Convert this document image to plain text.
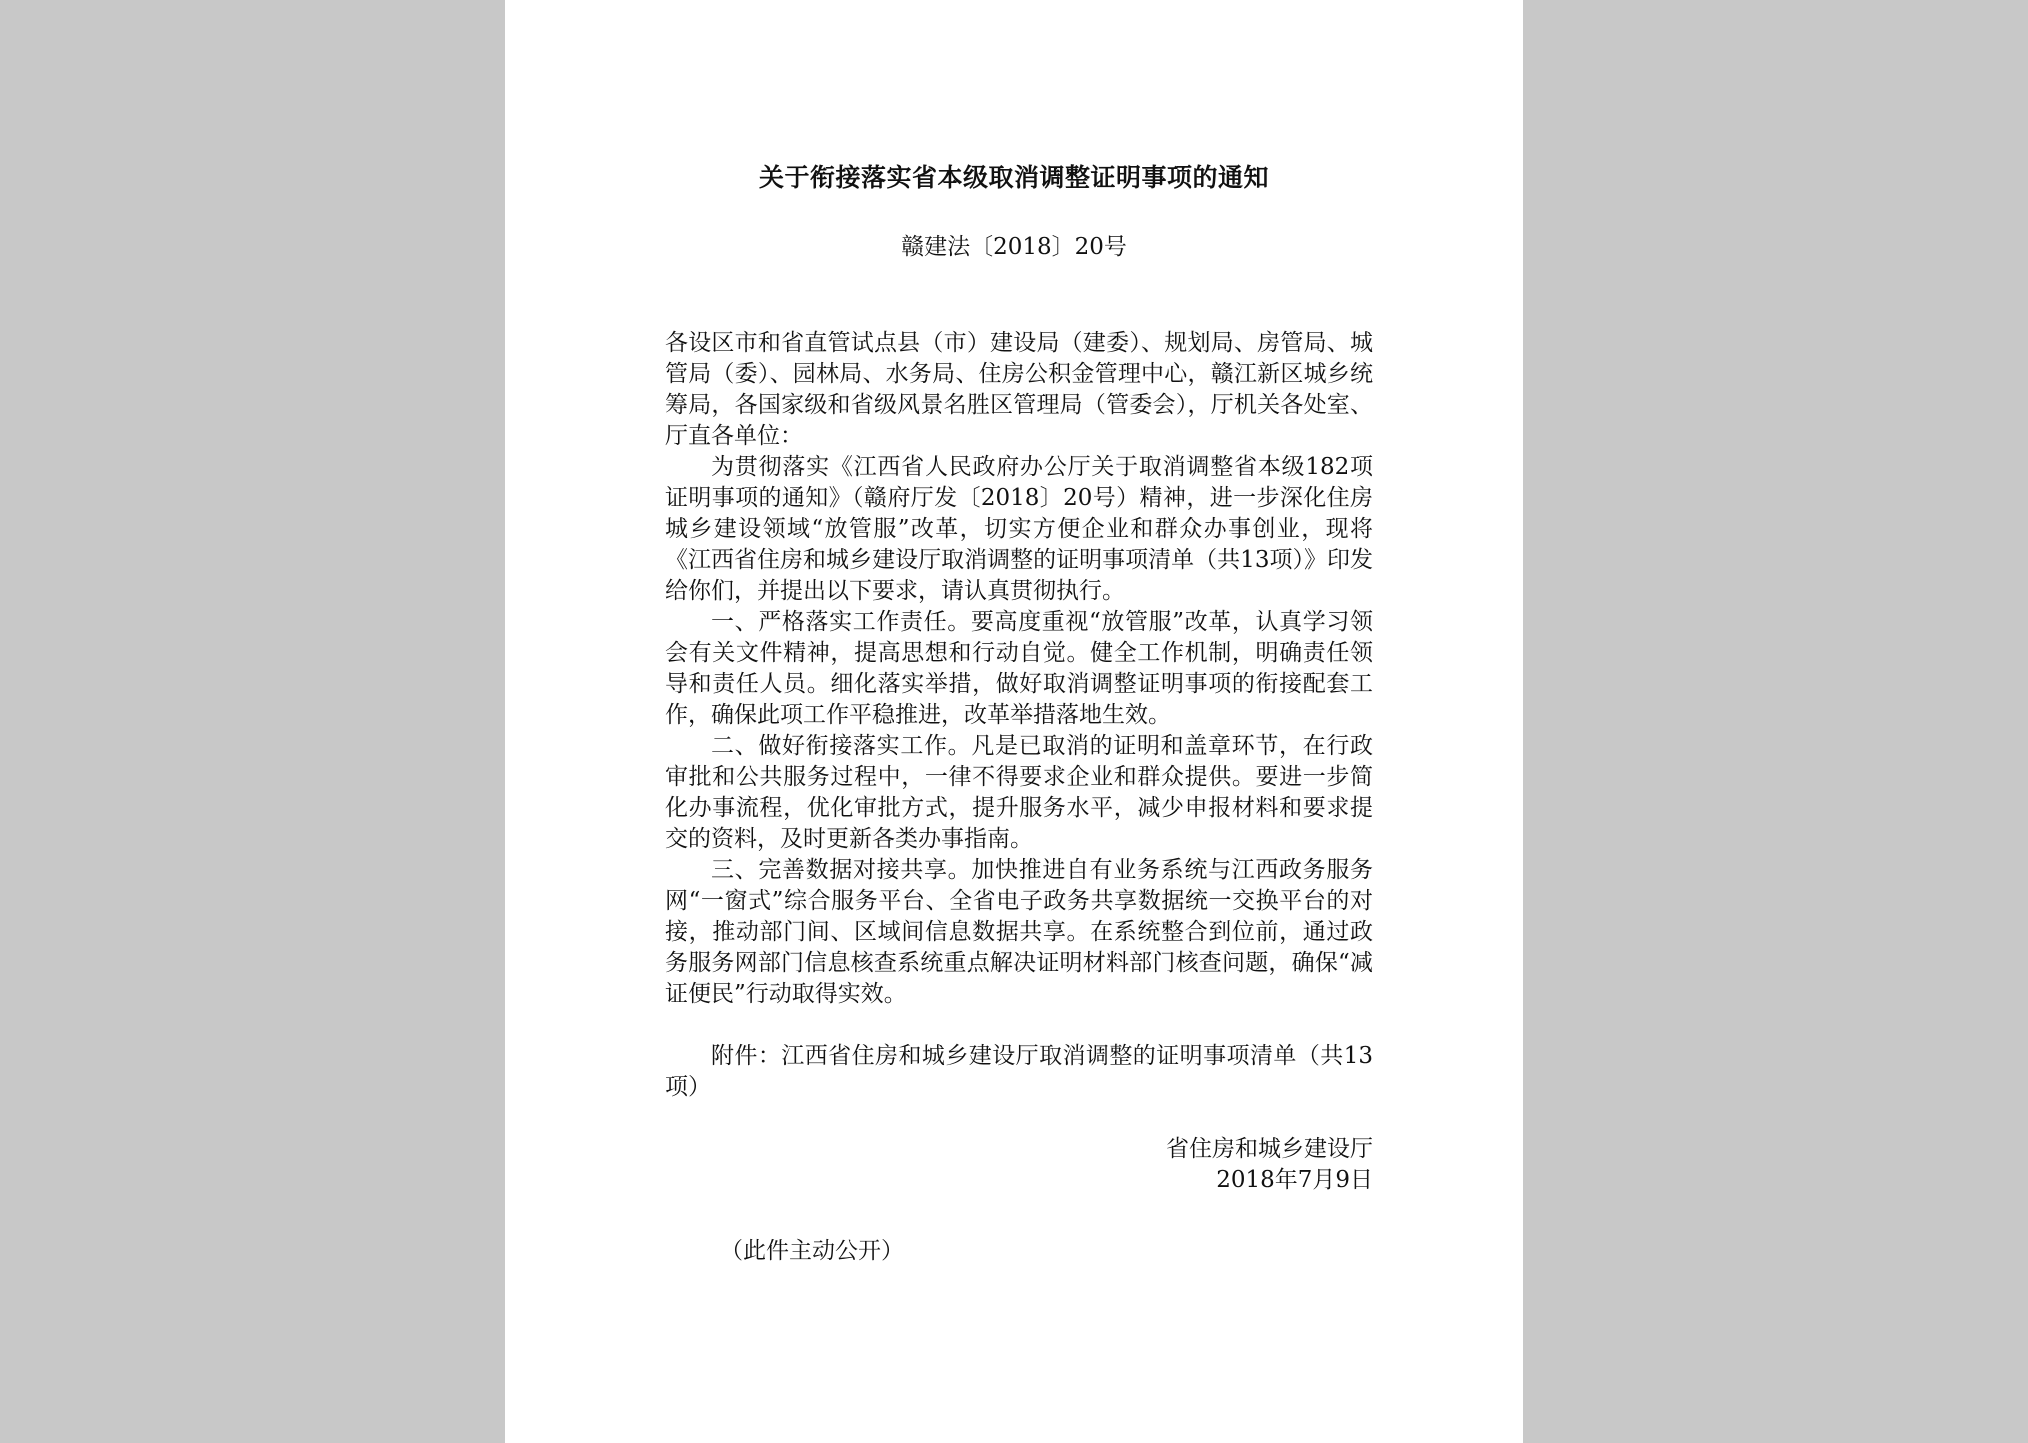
关于衔接落实省本级取消调整证明事项的通知
赣建法〔2018〕20号

各设区市和省直管试点县（市）建设局（建委）、规划局、房管局、城管局（委）、园林局、水务局、住房公积金管理中心，赣江新区城乡统筹局，各国家级和省级风景名胜区管理局（管委会），厅机关各处室、厅直各单位：

为贯彻落实《江西省人民政府办公厅关于取消调整省本级182项证明事项的通知》（赣府厅发〔2018〕20号）精神，进一步深化住房城乡建设领域“放管服”改革，切实方便企业和群众办事创业，现将《江西省住房和城乡建设厅取消调整的证明事项清单（共13项）》印发给你们，并提出以下要求，请认真贯彻执行。

一、严格落实工作责任。要高度重视“放管服”改革，认真学习领会有关文件精神，提高思想和行动自觉。健全工作机制，明确责任领导和责任人员。细化落实举措，做好取消调整证明事项的衔接配套工作，确保此项工作平稳推进，改革举措落地生效。

二、做好衔接落实工作。凡是已取消的证明和盖章环节，在行政审批和公共服务过程中，一律不得要求企业和群众提供。要进一步简化办事流程，优化审批方式，提升服务水平，减少申报材料和要求提交的资料，及时更新各类办事指南。

三、完善数据对接共享。加快推进自有业务系统与江西政务服务网“一窗式”综合服务平台、全省电子政务共享数据统一交换平台的对接，推动部门间、区域间信息数据共享。在系统整合到位前，通过政务服务网部门信息核查系统重点解决证明材料部门核查问题，确保“减证便民”行动取得实效。

附件：江西省住房和城乡建设厅取消调整的证明事项清单（共13项）

省住房和城乡建设厅

2018年7月9日

（此件主动公开）
